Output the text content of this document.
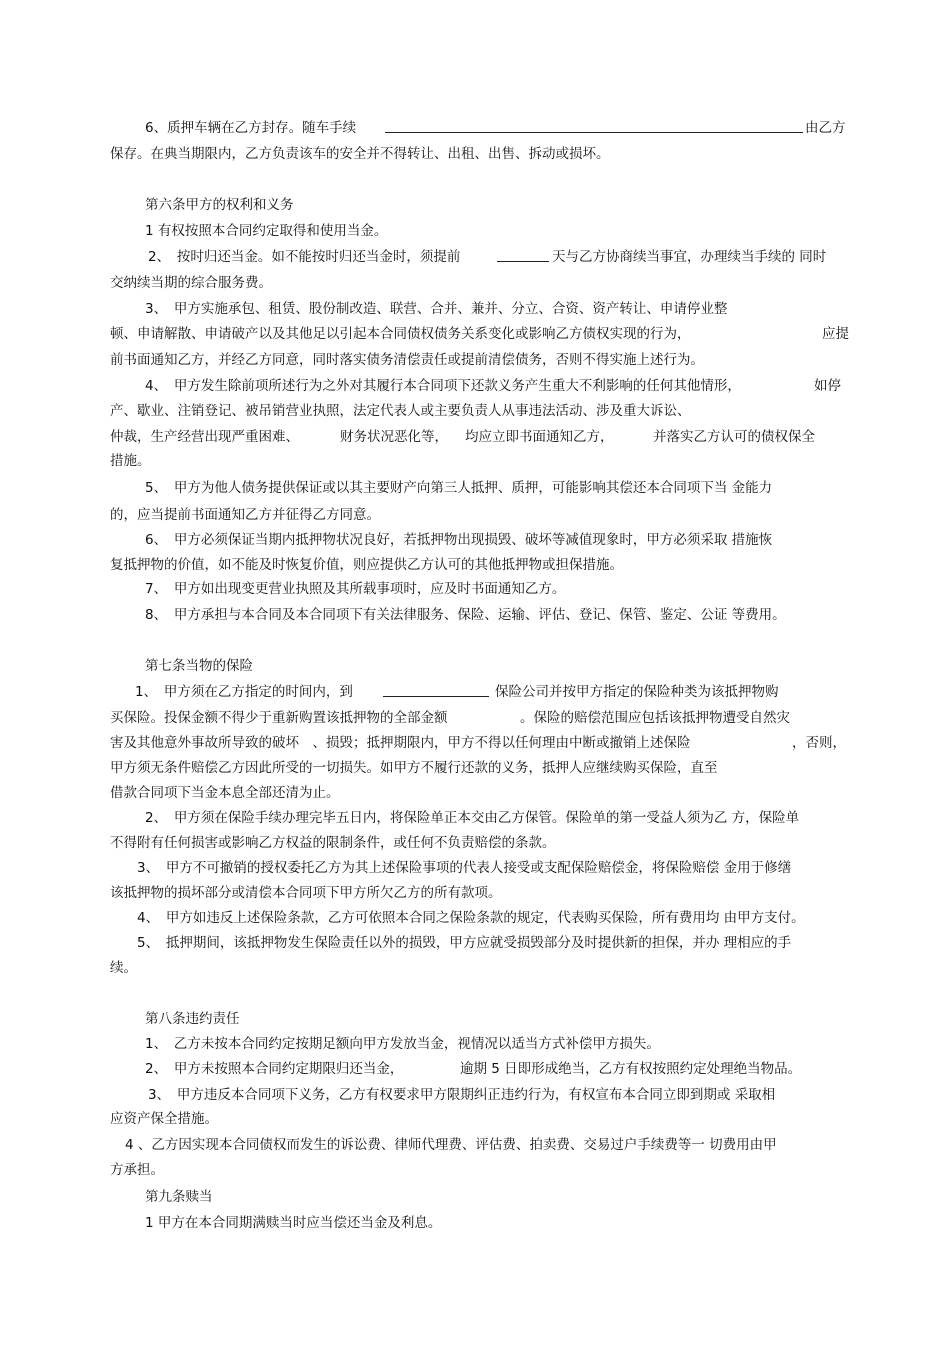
6、质押车辆在乙方封存。随车手续	由乙方
保存。在典当期限内，乙方负责该车的安全并不得转让、出租、出售、拆动或损坏。
第六条甲方的权利和义务
1 有权按照本合同约定取得和使用当金。
2、　按时归还当金。如不能按时归还当金时，须提前	天与乙方协商续当事宜，办理续当手续的 同时
交纳续当期的综合服务费。
3、　甲方实施承包、租赁、股份制改造、联营、合并、兼并、分立、合资、资产转让、申请停业整
顿、申请解散、申请破产以及其他足以引起本合同债权债务关系变化或影响乙方债权实现的行为，	应提
前书面通知乙方，并经乙方同意，同时落实债务清偿责任或提前清偿债务，否则不得实施上述行为。
4、　甲方发生除前项所述行为之外对其履行本合同项下还款义务产生重大不利影响的任何其他情形，	如停
产、歇业、注销登记、被吊销营业执照，法定代表人或主要负责人从事违法活动、涉及重大诉讼、
仲裁，生产经营出现严重困难、	财务状况恶化等， 均应立即书面通知乙方，	并落实乙方认可的债权保全
措施。
5、　甲方为他人债务提供保证或以其主要财产向第三人抵押、质押，可能影响其偿还本合同项下当 金能力
的，应当提前书面通知乙方并征得乙方同意。
6、　甲方必须保证当期内抵押物状况良好，若抵押物出现损毁、破坏等减值现象时，甲方必须采取 措施恢
复抵押物的价值，如不能及时恢复价值，则应提供乙方认可的其他抵押物或担保措施。
7、　甲方如出现变更营业执照及其所载事项时，应及时书面通知乙方。
8、　甲方承担与本合同及本合同项下有关法律服务、保险、运输、评估、登记、保管、鉴定、公证 等费用。
第七条当物的保险
1、　甲方须在乙方指定的时间内，到	保险公司并按甲方指定的保险种类为该抵押物购
买保险。投保金额不得少于重新购置该抵押物的全部金额	。保险的赔偿范围应包括该抵押物遭受自然灾
害及其他意外事故所导致的破坏　、损毁；抵押期限内，甲方不得以任何理由中断或撤销上述保险	，否则，
甲方须无条件赔偿乙方因此所受的一切损失。如甲方不履行还款的义务，抵押人应继续购买保险，直至
借款合同项下当金本息全部还清为止。
2、　甲方须在保险手续办理完毕五日内，将保险单正本交由乙方保管。保险单的第一受益人须为乙 方，保险单
不得附有任何损害或影响乙方权益的限制条件，或任何不负责赔偿的条款。
3、　甲方不可撤销的授权委托乙方为其上述保险事项的代表人接受或支配保险赔偿金，将保险赔偿 金用于修缮
该抵押物的损坏部分或清偿本合同项下甲方所欠乙方的所有款项。
4、　甲方如违反上述保险条款，乙方可依照本合同之保险条款的规定，代表购买保险，所有费用均 由甲方支付。
5、　抵押期间，该抵押物发生保险责任以外的损毁，甲方应就受损毁部分及时提供新的担保，并办 理相应的手
续。
第八条违约责任
1、　乙方未按本合同约定按期足额向甲方发放当金，视情况以适当方式补偿甲方损失。
2、　甲方未按照本合同约定期限归还当金，	逾期 5 日即形成绝当，乙方有权按照约定处理绝当物品。
3、　甲方违反本合同项下义务，乙方有权要求甲方限期纠正违约行为，有权宣布本合同立即到期或 采取相
应资产保全措施。
4 、乙方因实现本合同债权而发生的诉讼费、律师代理费、评估费、拍卖费、交易过户手续费等一 切费用由甲
方承担。
第九条赎当
1 甲方在本合同期满赎当时应当偿还当金及利息。
